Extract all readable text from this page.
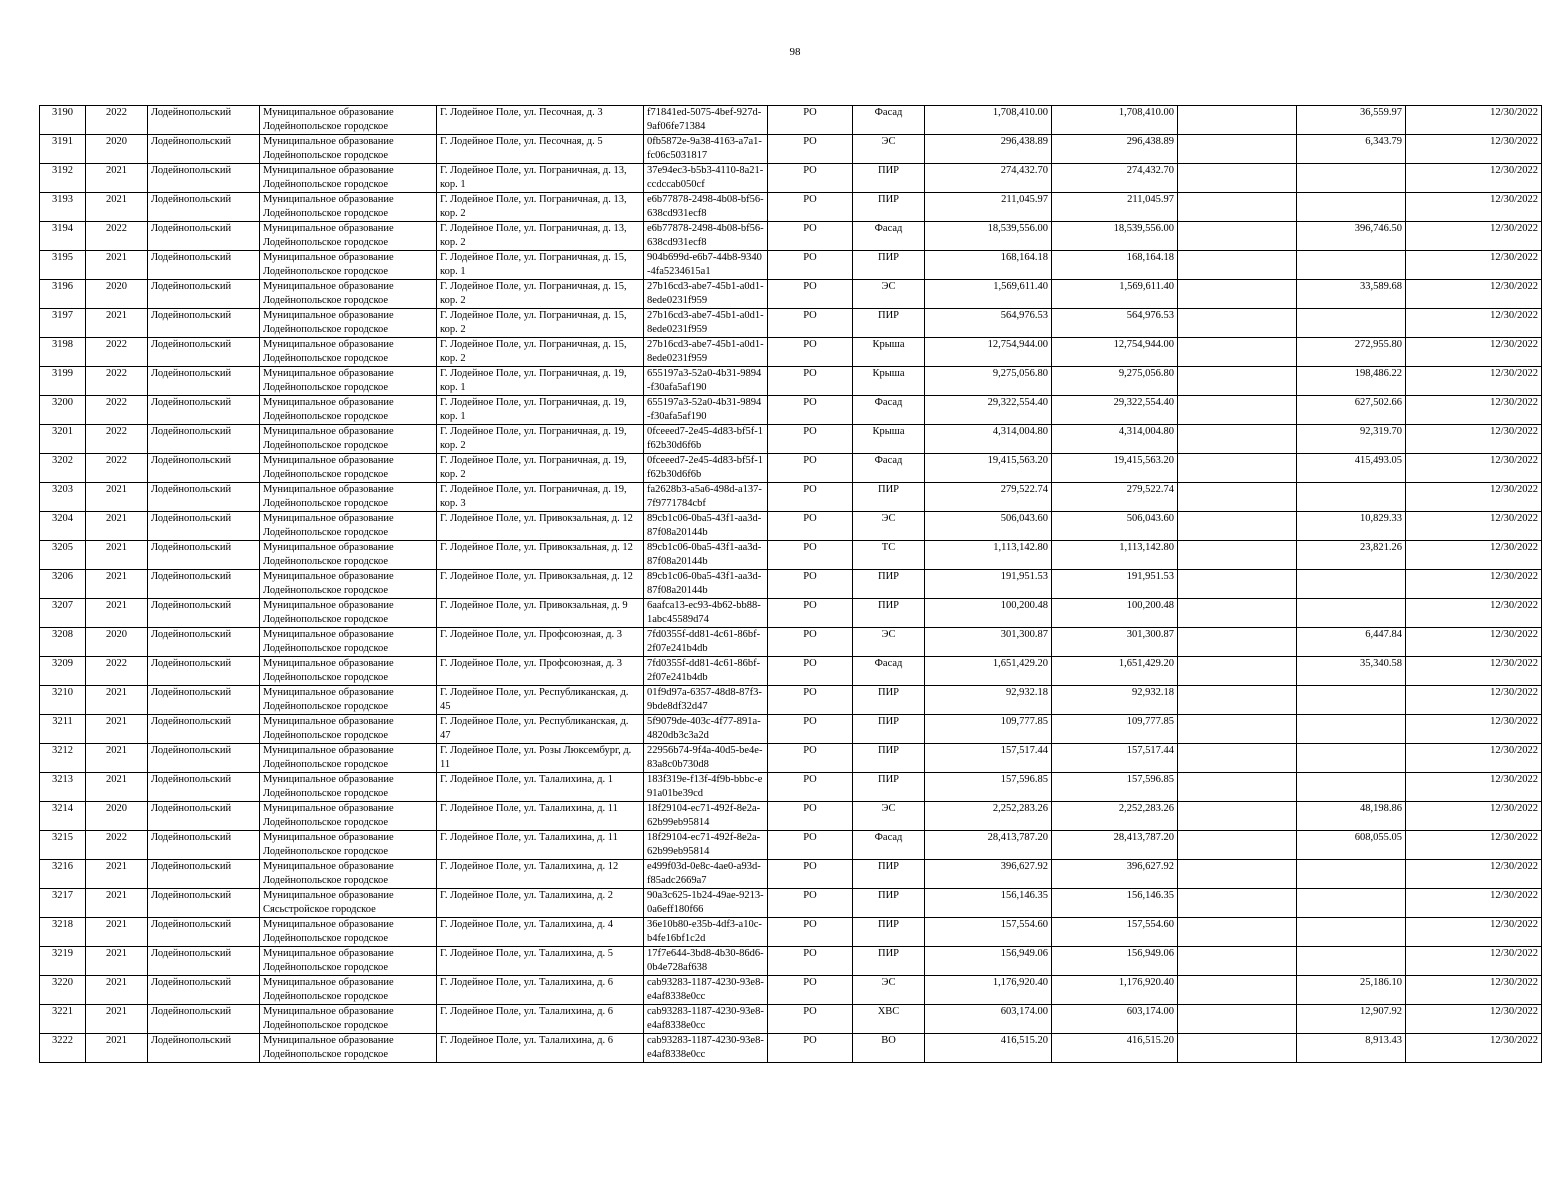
98
3190	2022	Лодейнопольский	Муниципальное образование Лодейнопольское городское	Г. Лодейное Поле, ул. Песочная, д. 3	f71841ed-5075-4bef-927d-9af06fe71384	РО	Фасад	1,708,410.00	1,708,410.00		36,559.97	12/30/2022
3191	2020	Лодейнопольский	Муниципальное образование Лодейнопольское городское	Г. Лодейное Поле, ул. Песочная, д. 5	0fb5872e-9a38-4163-a7a1-fc06c5031817	РО	ЭС	296,438.89	296,438.89		6,343.79	12/30/2022
3192	2021	Лодейнопольский	Муниципальное образование Лодейнопольское городское	Г. Лодейное Поле, ул. Пограничная, д. 13, кор. 1	37e94ec3-b5b3-4110-8a21-ccdccab050cf	РО	ПИР	274,432.70	274,432.70			12/30/2022
3193	2021	Лодейнопольский	Муниципальное образование Лодейнопольское городское	Г. Лодейное Поле, ул. Пограничная, д. 13, кор. 2	e6b77878-2498-4b08-bf56-638cd931ecf8	РО	ПИР	211,045.97	211,045.97			12/30/2022
3194	2022	Лодейнопольский	Муниципальное образование Лодейнопольское городское	Г. Лодейное Поле, ул. Пограничная, д. 13, кор. 2	e6b77878-2498-4b08-bf56-638cd931ecf8	РО	Фасад	18,539,556.00	18,539,556.00		396,746.50	12/30/2022
3195	2021	Лодейнопольский	Муниципальное образование Лодейнопольское городское	Г. Лодейное Поле, ул. Пограничная, д. 15, кор. 1	904b699d-e6b7-44b8-9340-4fa5234615a1	РО	ПИР	168,164.18	168,164.18			12/30/2022
3196	2020	Лодейнопольский	Муниципальное образование Лодейнопольское городское	Г. Лодейное Поле, ул. Пограничная, д. 15, кор. 2	27b16cd3-abe7-45b1-a0d1-8ede0231f959	РО	ЭС	1,569,611.40	1,569,611.40		33,589.68	12/30/2022
3197	2021	Лодейнопольский	Муниципальное образование Лодейнопольское городское	Г. Лодейное Поле, ул. Пограничная, д. 15, кор. 2	27b16cd3-abe7-45b1-a0d1-8ede0231f959	РО	ПИР	564,976.53	564,976.53			12/30/2022
3198	2022	Лодейнопольский	Муниципальное образование Лодейнопольское городское	Г. Лодейное Поле, ул. Пограничная, д. 15, кор. 2	27b16cd3-abe7-45b1-a0d1-8ede0231f959	РО	Крыша	12,754,944.00	12,754,944.00		272,955.80	12/30/2022
3199	2022	Лодейнопольский	Муниципальное образование Лодейнопольское городское	Г. Лодейное Поле, ул. Пограничная, д. 19, кор. 1	655197a3-52a0-4b31-9894-f30afa5af190	РО	Крыша	9,275,056.80	9,275,056.80		198,486.22	12/30/2022
3200	2022	Лодейнопольский	Муниципальное образование Лодейнопольское городское	Г. Лодейное Поле, ул. Пограничная, д. 19, кор. 1	655197a3-52a0-4b31-9894-f30afa5af190	РО	Фасад	29,322,554.40	29,322,554.40		627,502.66	12/30/2022
3201	2022	Лодейнопольский	Муниципальное образование Лодейнопольское городское	Г. Лодейное Поле, ул. Пограничная, д. 19, кор. 2	0fceeed7-2e45-4d83-bf5f-1f62b30d6f6b	РО	Крыша	4,314,004.80	4,314,004.80		92,319.70	12/30/2022
3202	2022	Лодейнопольский	Муниципальное образование Лодейнопольское городское	Г. Лодейное Поле, ул. Пограничная, д. 19, кор. 2	0fceeed7-2e45-4d83-bf5f-1f62b30d6f6b	РО	Фасад	19,415,563.20	19,415,563.20		415,493.05	12/30/2022
3203	2021	Лодейнопольский	Муниципальное образование Лодейнопольское городское	Г. Лодейное Поле, ул. Пограничная, д. 19, кор. 3	fa2628b3-a5a6-498d-a137-7f9771784cbf	РО	ПИР	279,522.74	279,522.74			12/30/2022
3204	2021	Лодейнопольский	Муниципальное образование Лодейнопольское городское	Г. Лодейное Поле, ул. Привокзальная, д. 12	89cb1c06-0ba5-43f1-aa3d-87f08a20144b	РО	ЭС	506,043.60	506,043.60		10,829.33	12/30/2022
3205	2021	Лодейнопольский	Муниципальное образование Лодейнопольское городское	Г. Лодейное Поле, ул. Привокзальная, д. 12	89cb1c06-0ba5-43f1-aa3d-87f08a20144b	РО	ТС	1,113,142.80	1,113,142.80		23,821.26	12/30/2022
3206	2021	Лодейнопольский	Муниципальное образование Лодейнопольское городское	Г. Лодейное Поле, ул. Привокзальная, д. 12	89cb1c06-0ba5-43f1-aa3d-87f08a20144b	РО	ПИР	191,951.53	191,951.53			12/30/2022
3207	2021	Лодейнопольский	Муниципальное образование Лодейнопольское городское	Г. Лодейное Поле, ул. Привокзальная, д. 9	6aafca13-ec93-4b62-bb88-1abc45589d74	РО	ПИР	100,200.48	100,200.48			12/30/2022
3208	2020	Лодейнопольский	Муниципальное образование Лодейнопольское городское	Г. Лодейное Поле, ул. Профсоюзная, д. 3	7fd0355f-dd81-4c61-86bf-2f07e241b4db	РО	ЭС	301,300.87	301,300.87		6,447.84	12/30/2022
3209	2022	Лодейнопольский	Муниципальное образование Лодейнопольское городское	Г. Лодейное Поле, ул. Профсоюзная, д. 3	7fd0355f-dd81-4c61-86bf-2f07e241b4db	РО	Фасад	1,651,429.20	1,651,429.20		35,340.58	12/30/2022
3210	2021	Лодейнопольский	Муниципальное образование Лодейнопольское городское	Г. Лодейное Поле, ул. Республиканская, д. 45	01f9d97a-6357-48d8-87f3-9bde8df32d47	РО	ПИР	92,932.18	92,932.18			12/30/2022
3211	2021	Лодейнопольский	Муниципальное образование Лодейнопольское городское	Г. Лодейное Поле, ул. Республиканская, д. 47	5f9079de-403c-4f77-891a-4820db3c3a2d	РО	ПИР	109,777.85	109,777.85			12/30/2022
3212	2021	Лодейнопольский	Муниципальное образование Лодейнопольское городское	Г. Лодейное Поле, ул. Розы Люксембург, д. 11	22956b74-9f4a-40d5-be4e-83a8c0b730d8	РО	ПИР	157,517.44	157,517.44			12/30/2022
3213	2021	Лодейнопольский	Муниципальное образование Лодейнопольское городское	Г. Лодейное Поле, ул. Талалихина, д. 1	183f319e-f13f-4f9b-bbbc-e91a01be39cd	РО	ПИР	157,596.85	157,596.85			12/30/2022
3214	2020	Лодейнопольский	Муниципальное образование Лодейнопольское городское	Г. Лодейное Поле, ул. Талалихина, д. 11	18f29104-ec71-492f-8e2a-62b99eb95814	РО	ЭС	2,252,283.26	2,252,283.26		48,198.86	12/30/2022
3215	2022	Лодейнопольский	Муниципальное образование Лодейнопольское городское	Г. Лодейное Поле, ул. Талалихина, д. 11	18f29104-ec71-492f-8e2a-62b99eb95814	РО	Фасад	28,413,787.20	28,413,787.20		608,055.05	12/30/2022
3216	2021	Лодейнопольский	Муниципальное образование Лодейнопольское городское	Г. Лодейное Поле, ул. Талалихина, д. 12	e499f03d-0e8c-4ae0-a93d-f85adc2669a7	РО	ПИР	396,627.92	396,627.92			12/30/2022
3217	2021	Лодейнопольский	Муниципальное образование Сясьстройское городское	Г. Лодейное Поле, ул. Талалихина, д. 2	90a3c625-1b24-49ae-9213-0a6eff180f66	РО	ПИР	156,146.35	156,146.35			12/30/2022
3218	2021	Лодейнопольский	Муниципальное образование Лодейнопольское городское	Г. Лодейное Поле, ул. Талалихина, д. 4	36e10b80-e35b-4df3-a10c-b4fe16bf1c2d	РО	ПИР	157,554.60	157,554.60			12/30/2022
3219	2021	Лодейнопольский	Муниципальное образование Лодейнопольское городское	Г. Лодейное Поле, ул. Талалихина, д. 5	17f7e644-3bd8-4b30-86d6-0b4e728af638	РО	ПИР	156,949.06	156,949.06			12/30/2022
3220	2021	Лодейнопольский	Муниципальное образование Лодейнопольское городское	Г. Лодейное Поле, ул. Талалихина, д. 6	cab93283-1187-4230-93e8-e4af8338e0cc	РО	ЭС	1,176,920.40	1,176,920.40		25,186.10	12/30/2022
3221	2021	Лодейнопольский	Муниципальное образование Лодейнопольское городское	Г. Лодейное Поле, ул. Талалихина, д. 6	cab93283-1187-4230-93e8-e4af8338e0cc	РО	ХВС	603,174.00	603,174.00		12,907.92	12/30/2022
3222	2021	Лодейнопольский	Муниципальное образование Лодейнопольское городское	Г. Лодейное Поле, ул. Талалихина, д. 6	cab93283-1187-4230-93e8-e4af8338e0cc	РО	ВО	416,515.20	416,515.20		8,913.43	12/30/2022
